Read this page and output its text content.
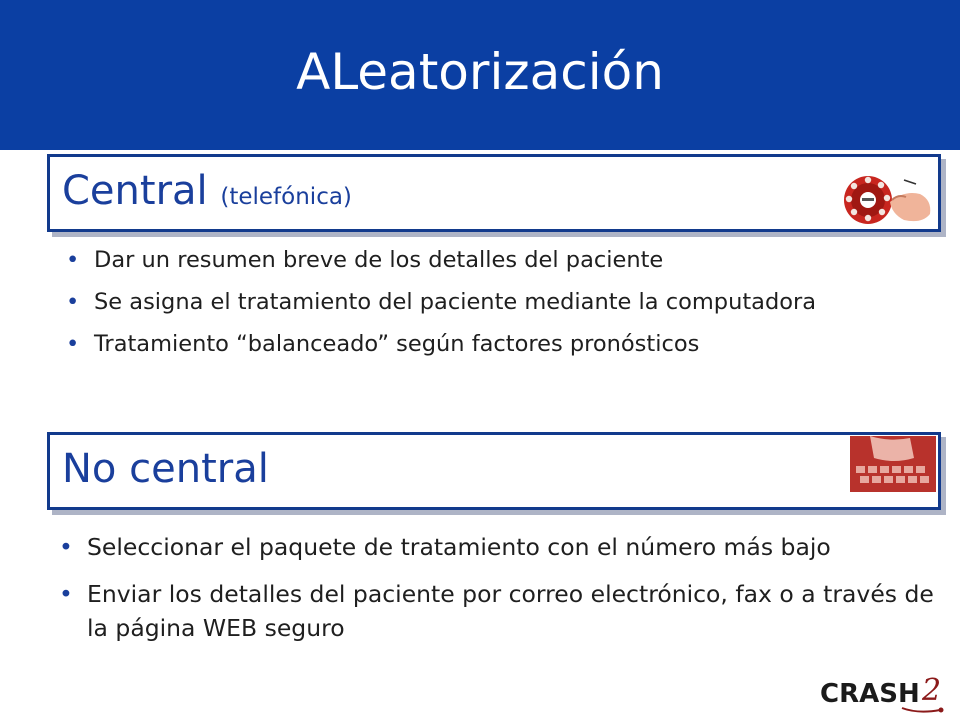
ALeatorización
Central (telefónica)
• Dar un resumen breve de los detalles del paciente
• Se asigna el tratamiento del paciente mediante la computadora
• Tratamiento “balanceado” según factores pronósticos
No central
• Seleccionar el paquete de tratamiento con el número más bajo
• Enviar los detalles del paciente por correo electrónico, fax o a través de la página WEB seguro
CRASH 2
